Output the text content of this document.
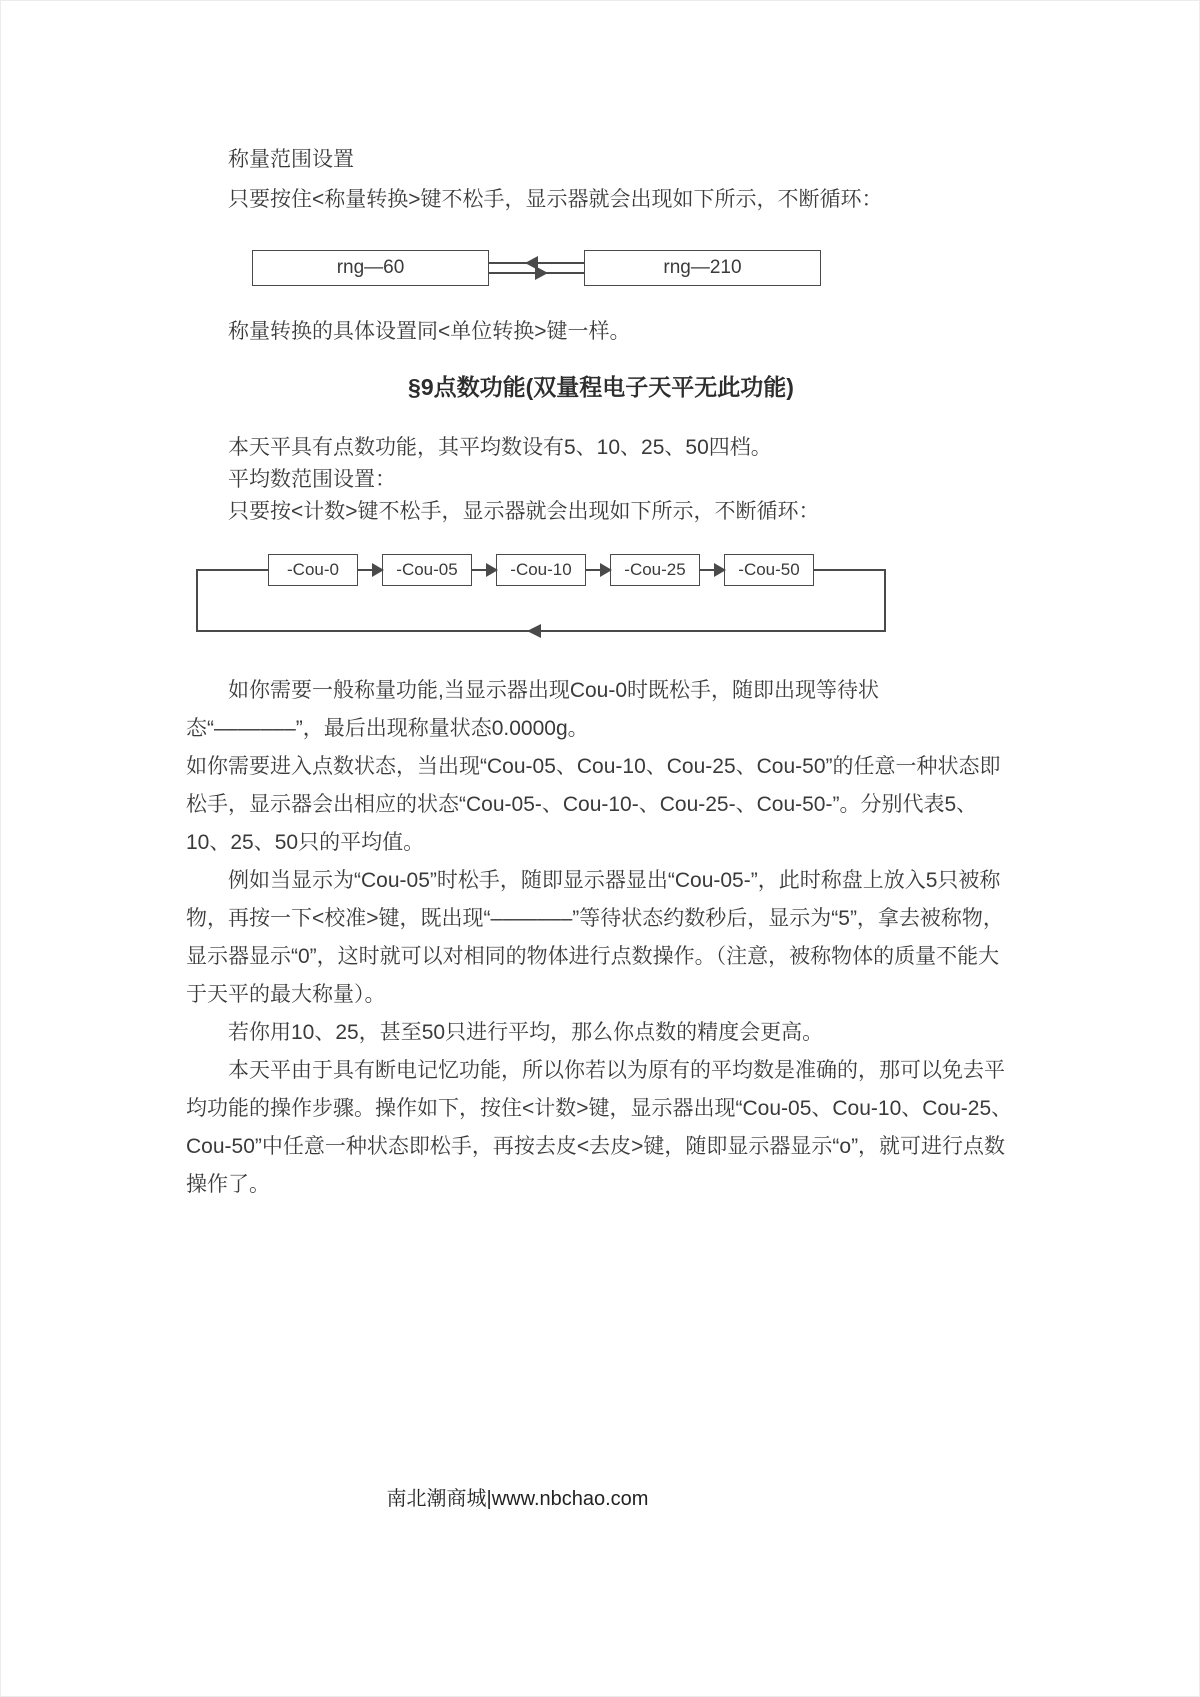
称量范围设置

只要按住<称量转换>键不松手，显示器就会出现如下所示，不断循环：

rng—60	rng—210

称量转换的具体设置同<单位转换>键一样。

§9点数功能(双量程电子天平无此功能)

本天平具有点数功能，其平均数设有5、10、25、50四档。

平均数范围设置：

只要按<计数>键不松手，显示器就会出现如下所示，不断循环：

-Cou-0	-Cou-05	-Cou-10	-Cou-25	-Cou-50

如你需要一般称量功能,当显示器出现Cou-0时既松手，随即出现等待状态“–––––––”，最后出现称量状态0.0000g。

如你需要进入点数状态，当出现“Cou-05、Cou-10、Cou-25、Cou-50”的任意一种状态即松手，显示器会出相应的状态“Cou-05-、Cou-10-、Cou-25-、Cou-50-”。分别代表5、10、25、50只的平均值。

例如当显示为“Cou-05”时松手，随即显示器显出“Cou-05-”，此时称盘上放入5只被称物，再按一下<校准>键，既出现“–––––––”等待状态约数秒后，显示为“5”，拿去被称物，显示器显示“0”，这时就可以对相同的物体进行点数操作。（注意，被称物体的质量不能大于天平的最大称量）。

若你用10、25，甚至50只进行平均，那么你点数的精度会更高。

本天平由于具有断电记忆功能，所以你若以为原有的平均数是准确的，那可以免去平均功能的操作步骤。操作如下，按住<计数>键，显示器出现“Cou-05、Cou-10、Cou-25、Cou-50”中任意一种状态即松手，再按去皮<去皮>键，随即显示器显示“o”，就可进行点数操作了。

南北潮商城|www.nbchao.com
